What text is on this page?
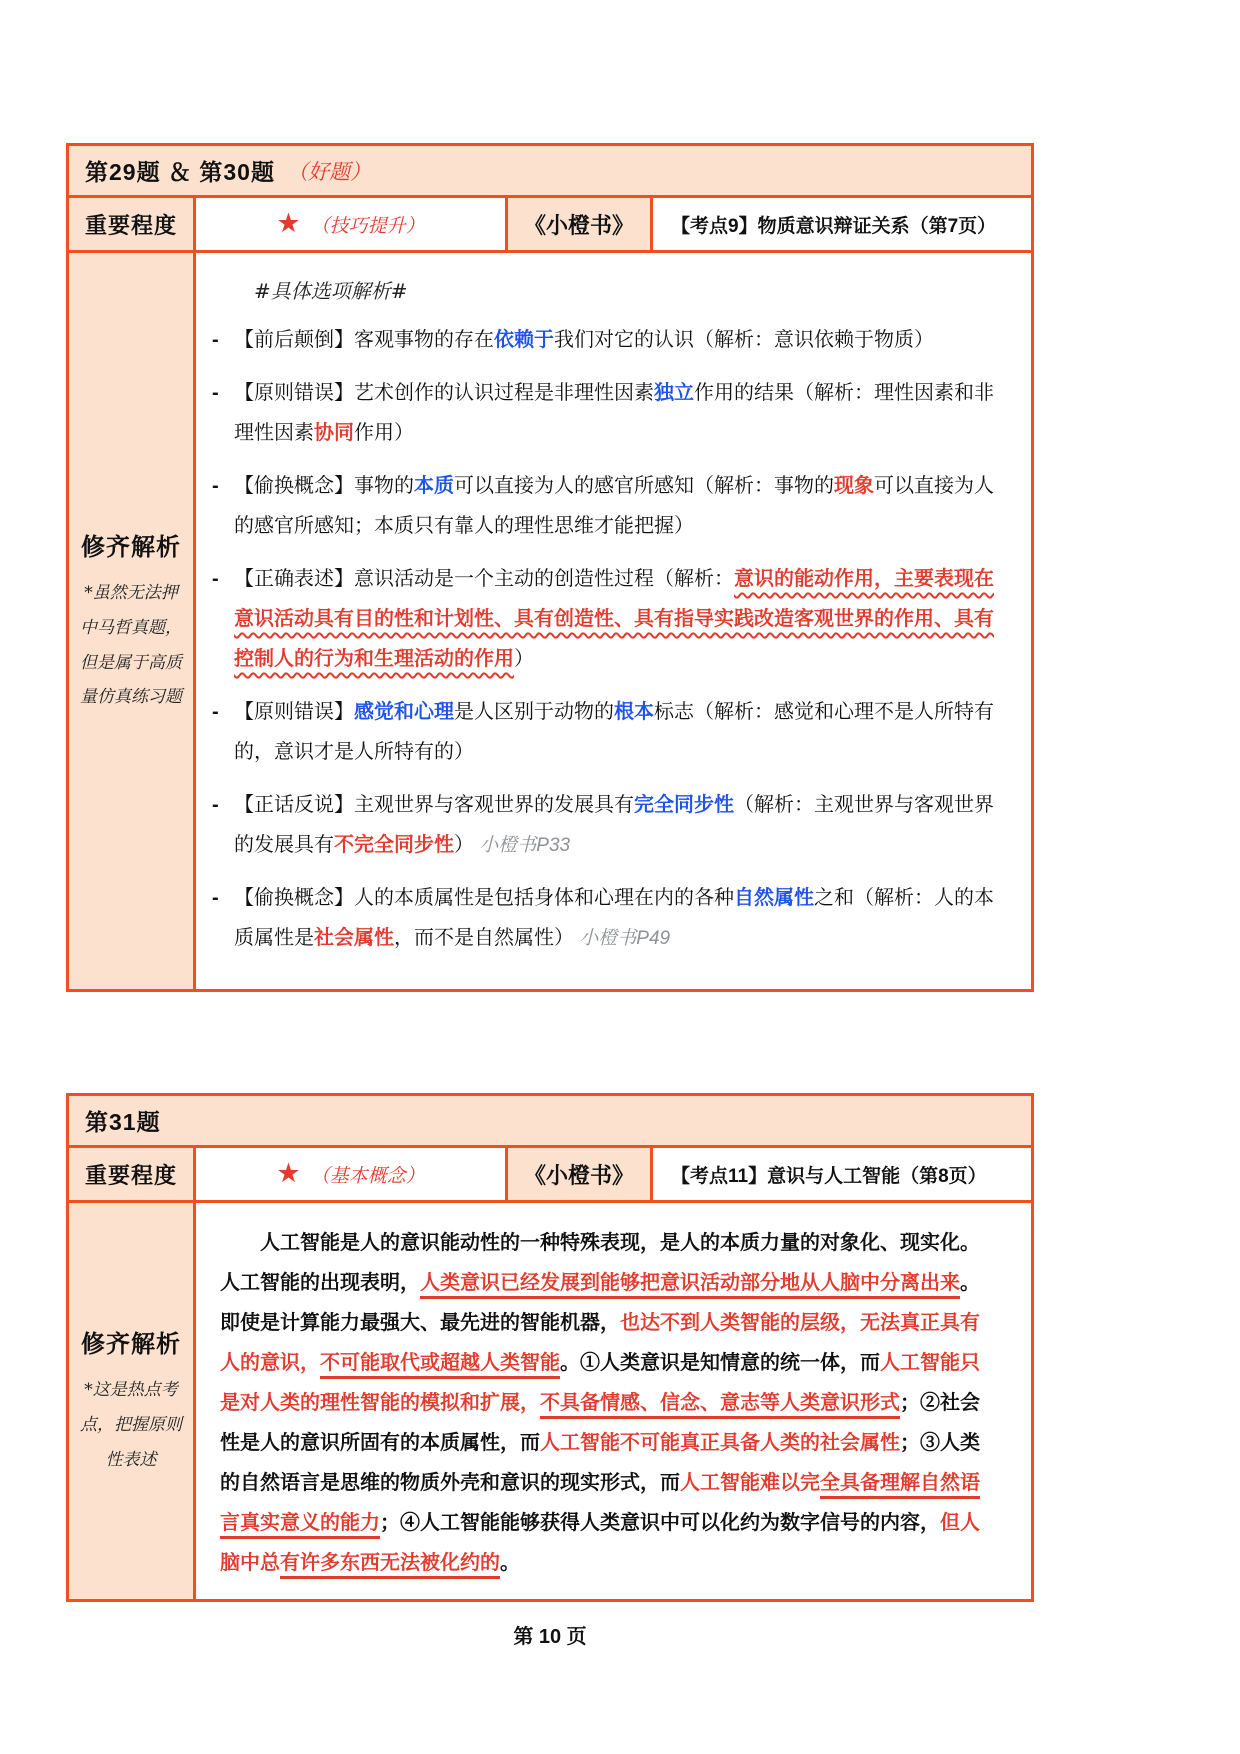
第29题 ＆ 第30题 （好题）
重要程度	★ （技巧提升）	《小橙书》	【考点9】物质意识辩证关系（第7页）
修齐解析
*虽然无法押中马哲真题，但是属于高质量仿真练习题
#具体选项解析#
- 【前后颠倒】客观事物的存在依赖于我们对它的认识（解析：意识依赖于物质）
- 【原则错误】艺术创作的认识过程是非理性因素独立作用的结果（解析：理性因素和非理性因素协同作用）
- 【偷换概念】事物的本质可以直接为人的感官所感知（解析：事物的现象可以直接为人的感官所感知；本质只有靠人的理性思维才能把握）
- 【正确表述】意识活动是一个主动的创造性过程（解析：意识的能动作用，主要表现在意识活动具有目的性和计划性、具有创造性、具有指导实践改造客观世界的作用、具有控制人的行为和生理活动的作用）
- 【原则错误】感觉和心理是人区别于动物的根本标志（解析：感觉和心理不是人所特有的，意识才是人所特有的）
- 【正话反说】主观世界与客观世界的发展具有完全同步性（解析：主观世界与客观世界的发展具有不完全同步性） 小橙书P33
- 【偷换概念】人的本质属性是包括身体和心理在内的各种自然属性之和（解析：人的本质属性是社会属性，而不是自然属性） 小橙书P49
第31题
重要程度	★ （基本概念）	《小橙书》	【考点11】意识与人工智能（第8页）
修齐解析
*这是热点考点，把握原则性表述
人工智能是人的意识能动性的一种特殊表现，是人的本质力量的对象化、现实化。人工智能的出现表明，人类意识已经发展到能够把意识活动部分地从人脑中分离出来。即使是计算能力最强大、最先进的智能机器，也达不到人类智能的层级，无法真正具有人的意识，不可能取代或超越人类智能。①人类意识是知情意的统一体，而人工智能只是对人类的理性智能的模拟和扩展，不具备情感、信念、意志等人类意识形式；②社会性是人的意识所固有的本质属性，而人工智能不可能真正具备人类的社会属性；③人类的自然语言是思维的物质外壳和意识的现实形式，而人工智能难以完全具备理解自然语言真实意义的能力；④人工智能能够获得人类意识中可以化约为数字信号的内容，但人脑中总有许多东西无法被化约的。
第 10 页
